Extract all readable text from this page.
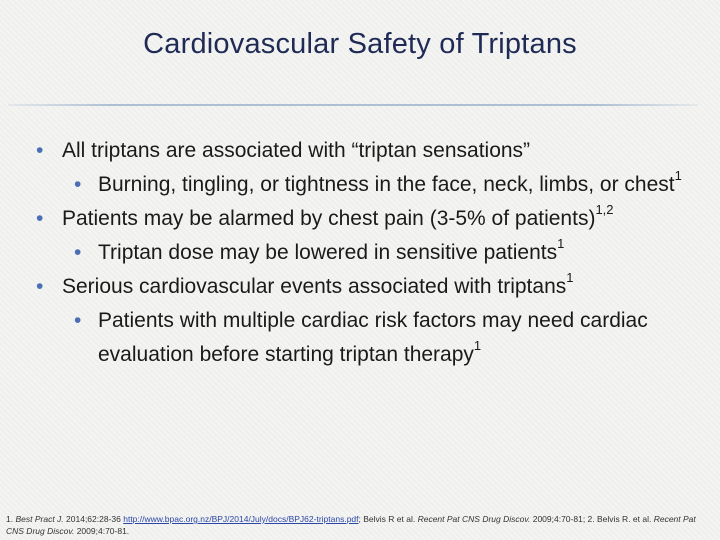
Cardiovascular Safety of Triptans
• All triptans are associated with “triptan sensations”
• Burning, tingling, or tightness in the face, neck, limbs, or chest$^1$
• Patients may be alarmed by chest pain (3-5% of patients)$^{1,2}$
• Triptan dose may be lowered in sensitive patients$^1$
• Serious cardiovascular events associated with triptans$^1$
• Patients with multiple cardiac risk factors may need cardiac evaluation before starting triptan therapy$^1$
1. Best Pract J. 2014;62:28-36 http://www.bpac.org.nz/BPJ/2014/July/docs/BPJ62-triptans.pdf; Belvis R et al. Recent Pat CNS Drug Discov. 2009;4:70-81; 2. Belvis R. et al. Recent Pat CNS Drug Discov. 2009;4:70-81.
